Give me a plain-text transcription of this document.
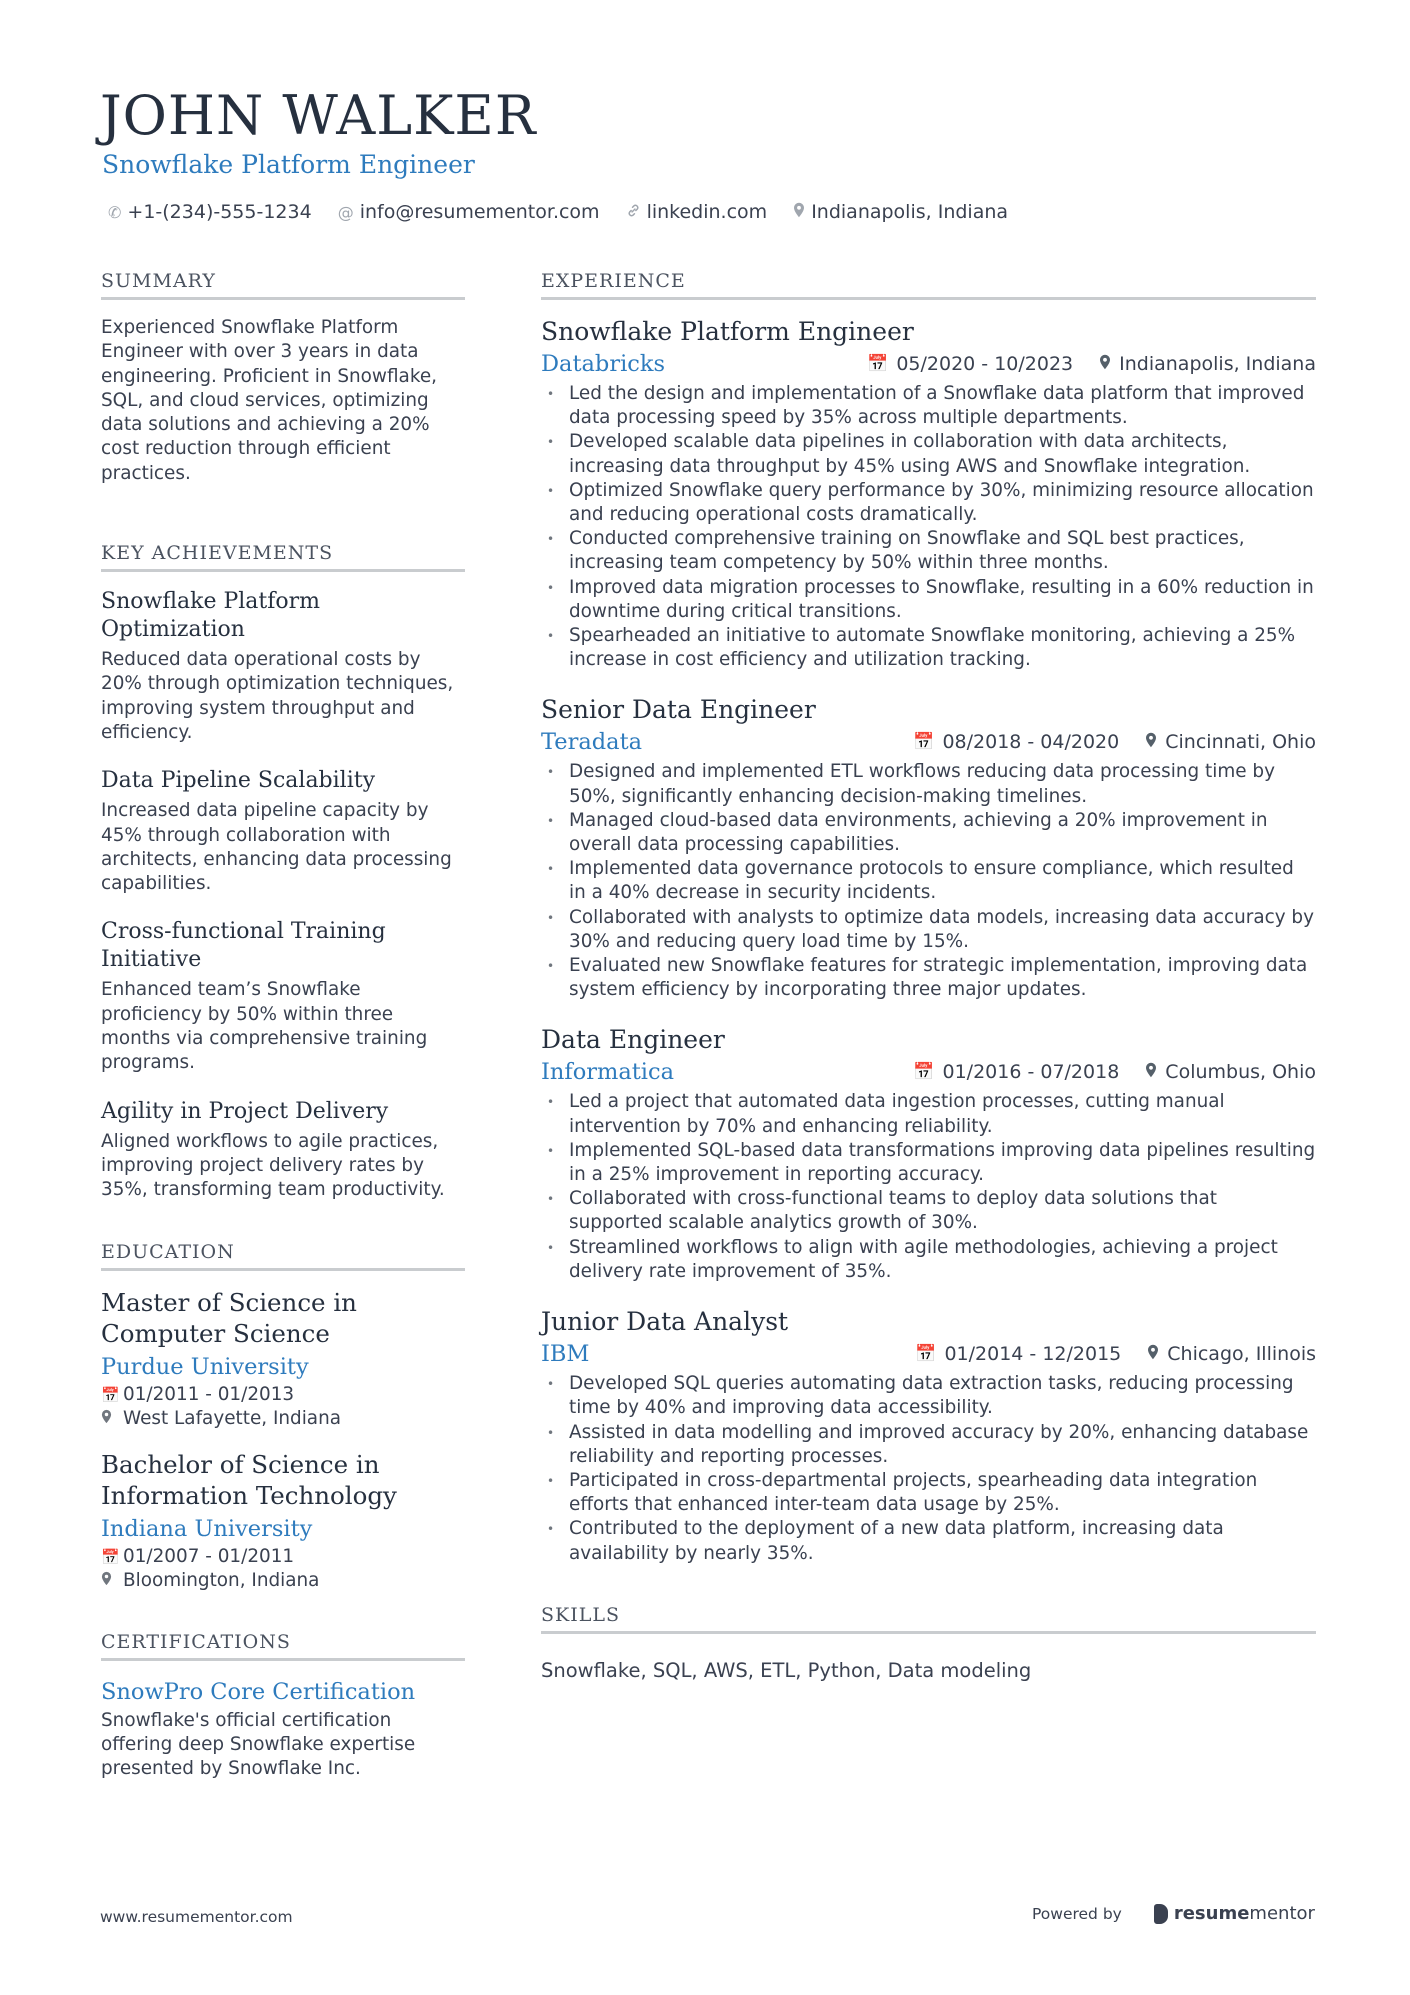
JOHN WALKER
Snowflake Platform Engineer
✆ +1-(234)-555-1234 @ info@resumementor.com linkedin.com Indianapolis, Indiana
SUMMARY

Experienced Snowflake Platform Engineer with over 3 years in data engineering. Proficient in Snowflake, SQL, and cloud services, optimizing data solutions and achieving a 20% cost reduction through efficient practices.

KEY ACHIEVEMENTS
Snowflake Platform Optimization

Reduced data operational costs by 20% through optimization techniques, improving system throughput and efficiency.

Data Pipeline Scalability

Increased data pipeline capacity by 45% through collaboration with architects, enhancing data processing capabilities.

Cross-functional Training Initiative

Enhanced team’s Snowflake proficiency by 50% within three months via comprehensive training programs.

Agility in Project Delivery

Aligned workflows to agile practices, improving project delivery rates by 35%, transforming team productivity.

EDUCATION
Master of Science in Computer Science
Purdue University
📅 01/2011 - 01/2013
West Lafayette, Indiana
Bachelor of Science in Information Technology
Indiana University
📅 01/2007 - 01/2011
Bloomington, Indiana
CERTIFICATIONS
SnowPro Core Certification

Snowflake's official certification offering deep Snowflake expertise presented by Snowflake Inc.

EXPERIENCE
Snowflake Platform Engineer
Databricks	📅 05/2020 - 10/2023 Indianapolis, Indiana
• Led the design and implementation of a Snowflake data platform that improved data processing speed by 35% across multiple departments.
• Developed scalable data pipelines in collaboration with data architects, increasing data throughput by 45% using AWS and Snowflake integration.
• Optimized Snowflake query performance by 30%, minimizing resource allocation and reducing operational costs dramatically.
• Conducted comprehensive training on Snowflake and SQL best practices, increasing team competency by 50% within three months.
• Improved data migration processes to Snowflake, resulting in a 60% reduction in downtime during critical transitions.
• Spearheaded an initiative to automate Snowflake monitoring, achieving a 25% increase in cost efficiency and utilization tracking.
Senior Data Engineer
Teradata	📅 08/2018 - 04/2020 Cincinnati, Ohio
• Designed and implemented ETL workflows reducing data processing time by 50%, significantly enhancing decision-making timelines.
• Managed cloud-based data environments, achieving a 20% improvement in overall data processing capabilities.
• Implemented data governance protocols to ensure compliance, which resulted in a 40% decrease in security incidents.
• Collaborated with analysts to optimize data models, increasing data accuracy by 30% and reducing query load time by 15%.
• Evaluated new Snowflake features for strategic implementation, improving data system efficiency by incorporating three major updates.
Data Engineer
Informatica	📅 01/2016 - 07/2018 Columbus, Ohio
• Led a project that automated data ingestion processes, cutting manual intervention by 70% and enhancing reliability.
• Implemented SQL-based data transformations improving data pipelines resulting in a 25% improvement in reporting accuracy.
• Collaborated with cross-functional teams to deploy data solutions that supported scalable analytics growth of 30%.
• Streamlined workflows to align with agile methodologies, achieving a project delivery rate improvement of 35%.
Junior Data Analyst
IBM	📅 01/2014 - 12/2015 Chicago, Illinois
• Developed SQL queries automating data extraction tasks, reducing processing time by 40% and improving data accessibility.
• Assisted in data modelling and improved accuracy by 20%, enhancing database reliability and reporting processes.
• Participated in cross-departmental projects, spearheading data integration efforts that enhanced inter-team data usage by 25%.
• Contributed to the deployment of a new data platform, increasing data availability by nearly 35%.
SKILLS

Snowflake, SQL, AWS, ETL, Python, Data modeling

www.resumementor.com	Powered by	resume mentor
